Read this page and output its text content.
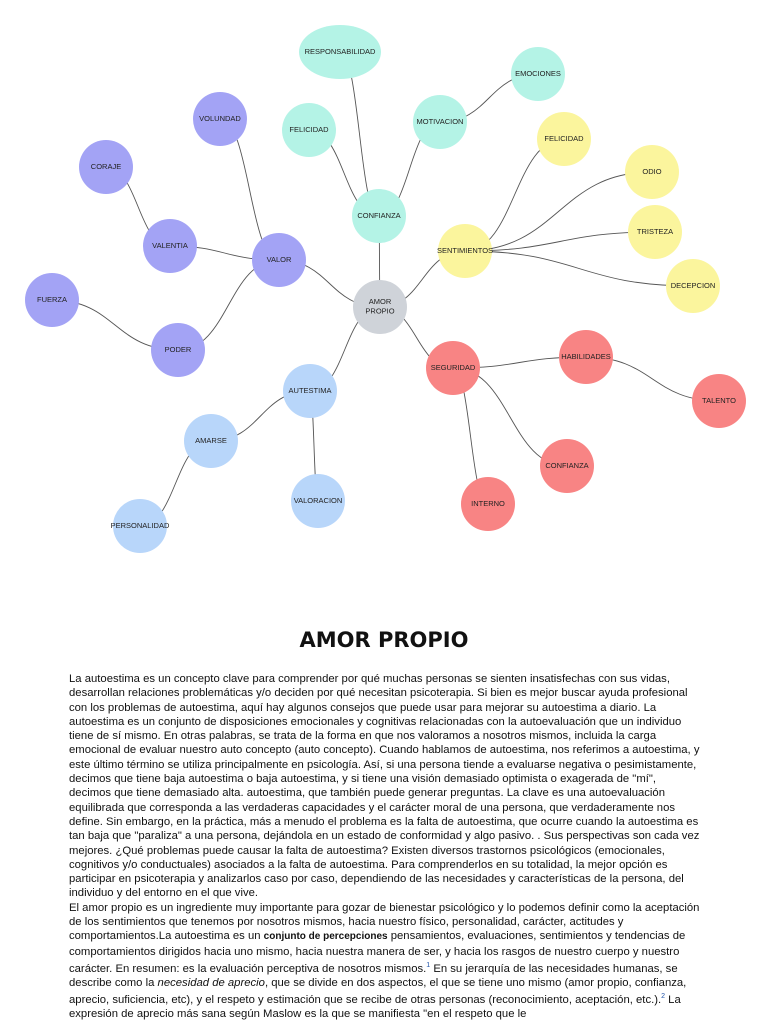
AMOR
PROPIO
RESPONSABILIDAD
EMOCIONES
FELICIDAD
MOTIVACION
CONFIANZA
VOLUNDAD
CORAJE
VALENTIA
VALOR
FUERZA
PODER
FELICIDAD
ODIO
SENTIMIENTOS
TRISTEZA
DECEPCION
SEGURIDAD
HABILIDADES
TALENTO
CONFIANZA
INTERNO
AUTESTIMA
AMARSE
VALORACION
PERSONALIDAD
AMOR PROPIO

La autoestima es un concepto clave para comprender por qué muchas personas se sienten insatisfechas con sus vidas, desarrollan relaciones problemáticas y/o deciden por qué necesitan psicoterapia. Si bien es mejor buscar ayuda profesional con los problemas de autoestima, aquí hay algunos consejos que puede usar para mejorar su autoestima a diario. La autoestima es un conjunto de disposiciones emocionales y cognitivas relacionadas con la autoevaluación que un individuo tiene de sí mismo. En otras palabras, se trata de la forma en que nos valoramos a nosotros mismos, incluida la carga emocional de evaluar nuestro auto concepto (auto concepto). Cuando hablamos de autoestima, nos referimos a autoestima, y este último término se utiliza principalmente en psicología. Así, si una persona tiende a evaluarse negativa o pesimistamente, decimos que tiene baja autoestima o baja autoestima, y si tiene una visión demasiado optimista o exagerada de "mí", decimos que tiene demasiado alta. autoestima, que también puede generar preguntas. La clave es una autoevaluación equilibrada que corresponda a las verdaderas capacidades y el carácter moral de una persona, que verdaderamente nos define. Sin embargo, en la práctica, más a menudo el problema es la falta de autoestima, que ocurre cuando la autoestima es tan baja que "paraliza" a una persona, dejándola en un estado de conformidad y algo pasivo. . Sus perspectivas son cada vez mejores. ¿Qué problemas puede causar la falta de autoestima? Existen diversos trastornos psicológicos (emocionales, cognitivos y/o conductuales) asociados a la falta de autoestima. Para comprenderlos en su totalidad, la mejor opción es participar en psicoterapia y analizarlos caso por caso, dependiendo de las necesidades y características de la persona, del individuo y del entorno en el que vive.

El amor propio es un ingrediente muy importante para gozar de bienestar psicológico y lo podemos definir como la aceptación de los sentimientos que tenemos por nosotros mismos, hacia nuestro físico, personalidad, carácter, actitudes y comportamientos.La autoestima es un conjunto de percepciones pensamientos, evaluaciones, sentimientos y tendencias de comportamientos dirigidos hacia uno mismo, hacia nuestra manera de ser, y hacia los rasgos de nuestro cuerpo y nuestro carácter. En resumen: es la evaluación perceptiva de nosotros mismos.$^1$ En su jerarquía de las necesidades humanas, se describe como la necesidad de aprecio, que se divide en dos aspectos, el que se tiene uno mismo (amor propio, confianza, aprecio, suficiencia, etc), y el respeto y estimación que se recibe de otras personas (reconocimiento, aceptación, etc.).$^2$ La expresión de aprecio más sana según Maslow es la que se manifiesta "en el respeto que le
